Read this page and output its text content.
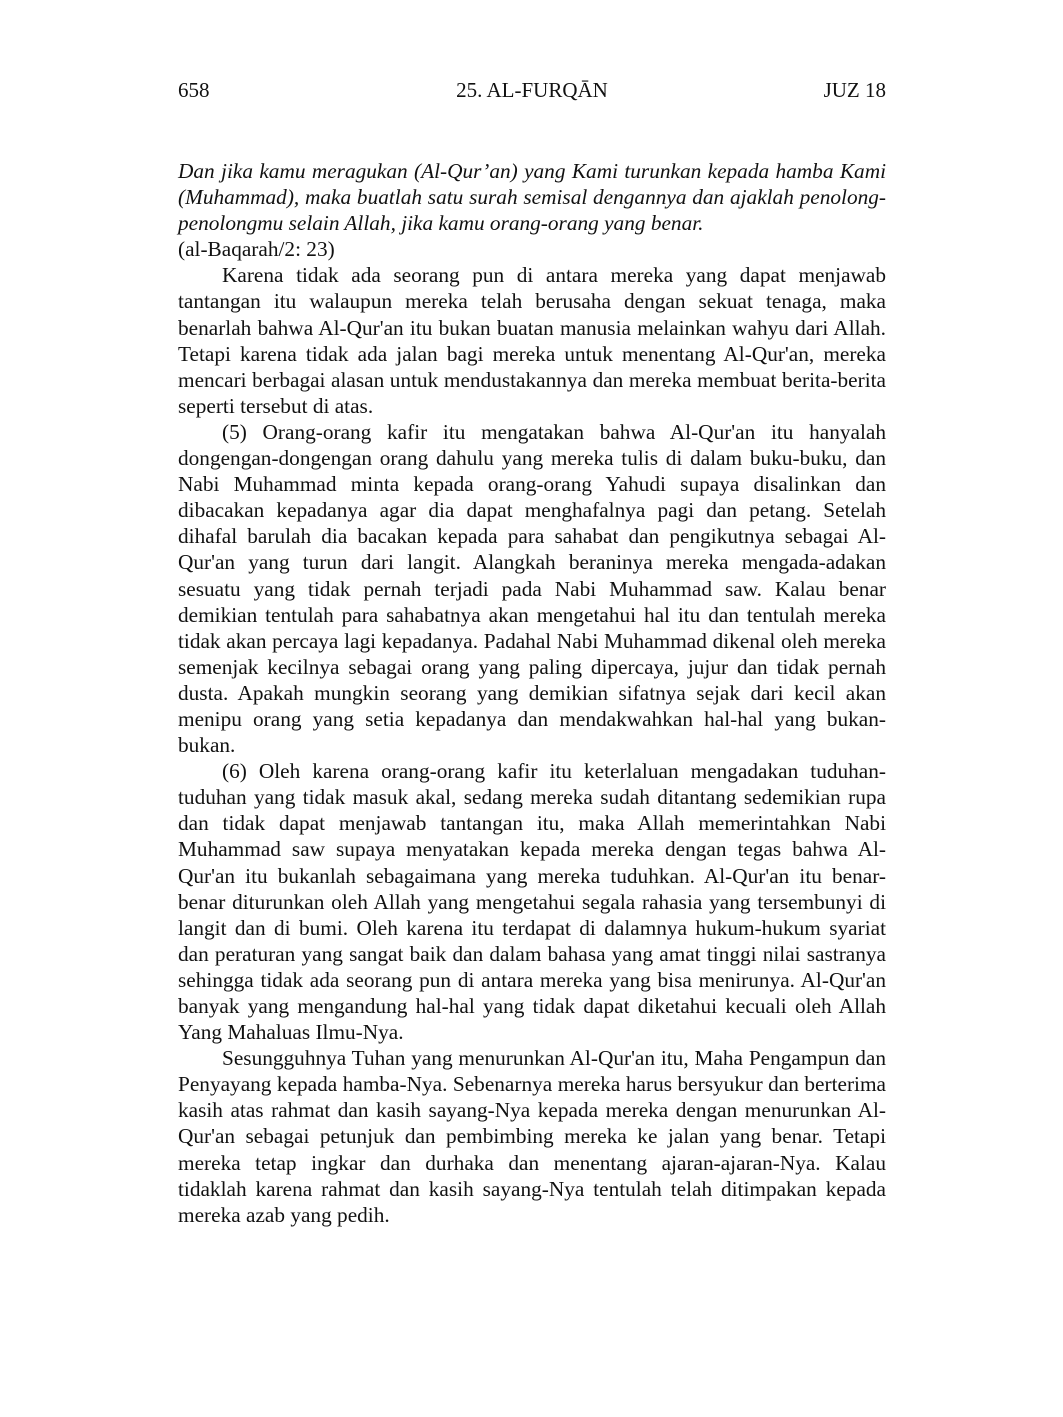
658	25. AL-FURQĀN	JUZ 18

Dan jika kamu meragukan (Al-Qur’an) yang Kami turunkan kepada hamba Kami (Muhammad), maka buatlah satu surah semisal dengannya dan ajaklah penolong-penolongmu selain Allah, jika kamu orang-orang yang benar.
(al-Baqarah/2: 23)

Karena tidak ada seorang pun di antara mereka yang dapat menjawab tantangan itu walaupun mereka telah berusaha dengan sekuat tenaga, maka benarlah bahwa Al-Qur'an itu bukan buatan manusia melainkan wahyu dari Allah. Tetapi karena tidak ada jalan bagi mereka untuk menentang Al-Qur'an, mereka mencari berbagai alasan untuk mendustakannya dan mereka membuat berita-berita seperti tersebut di atas.

(5) Orang-orang kafir itu mengatakan bahwa Al-Qur'an itu hanyalah dongengan-dongengan orang dahulu yang mereka tulis di dalam buku-buku, dan Nabi Muhammad minta kepada orang-orang Yahudi supaya disalinkan dan dibacakan kepadanya agar dia dapat menghafalnya pagi dan petang. Setelah dihafal barulah dia bacakan kepada para sahabat dan pengikutnya sebagai Al-Qur'an yang turun dari langit. Alangkah beraninya mereka mengada-adakan sesuatu yang tidak pernah terjadi pada Nabi Muhammad saw. Kalau benar demikian tentulah para sahabatnya akan mengetahui hal itu dan tentulah mereka tidak akan percaya lagi kepadanya. Padahal Nabi Muhammad dikenal oleh mereka semenjak kecilnya sebagai orang yang paling dipercaya, jujur dan tidak pernah dusta. Apakah mungkin seorang yang demikian sifatnya sejak dari kecil akan menipu orang yang setia kepadanya dan mendakwahkan hal-hal yang bukan-bukan.

(6) Oleh karena orang-orang kafir itu keterlaluan mengadakan tuduhan-tuduhan yang tidak masuk akal, sedang mereka sudah ditantang sedemikian rupa dan tidak dapat menjawab tantangan itu, maka Allah memerintahkan Nabi Muhammad saw supaya menyatakan kepada mereka dengan tegas bahwa Al-Qur'an itu bukanlah sebagaimana yang mereka tuduhkan. Al-Qur'an itu benar-benar diturunkan oleh Allah yang mengetahui segala rahasia yang tersembunyi di langit dan di bumi. Oleh karena itu terdapat di dalamnya hukum-hukum syariat dan peraturan yang sangat baik dan dalam bahasa yang amat tinggi nilai sastranya sehingga tidak ada seorang pun di antara mereka yang bisa menirunya. Al-Qur'an banyak yang mengandung hal-hal yang tidak dapat diketahui kecuali oleh Allah Yang Mahaluas Ilmu-Nya.

Sesungguhnya Tuhan yang menurunkan Al-Qur'an itu, Maha Pengampun dan Penyayang kepada hamba-Nya. Sebenarnya mereka harus bersyukur dan berterima kasih atas rahmat dan kasih sayang-Nya kepada mereka dengan menurunkan Al-Qur'an sebagai petunjuk dan pembimbing mereka ke jalan yang benar. Tetapi mereka tetap ingkar dan durhaka dan menentang ajaran-ajaran-Nya. Kalau tidaklah karena rahmat dan kasih sayang-Nya tentulah telah ditimpakan kepada mereka azab yang pedih.
